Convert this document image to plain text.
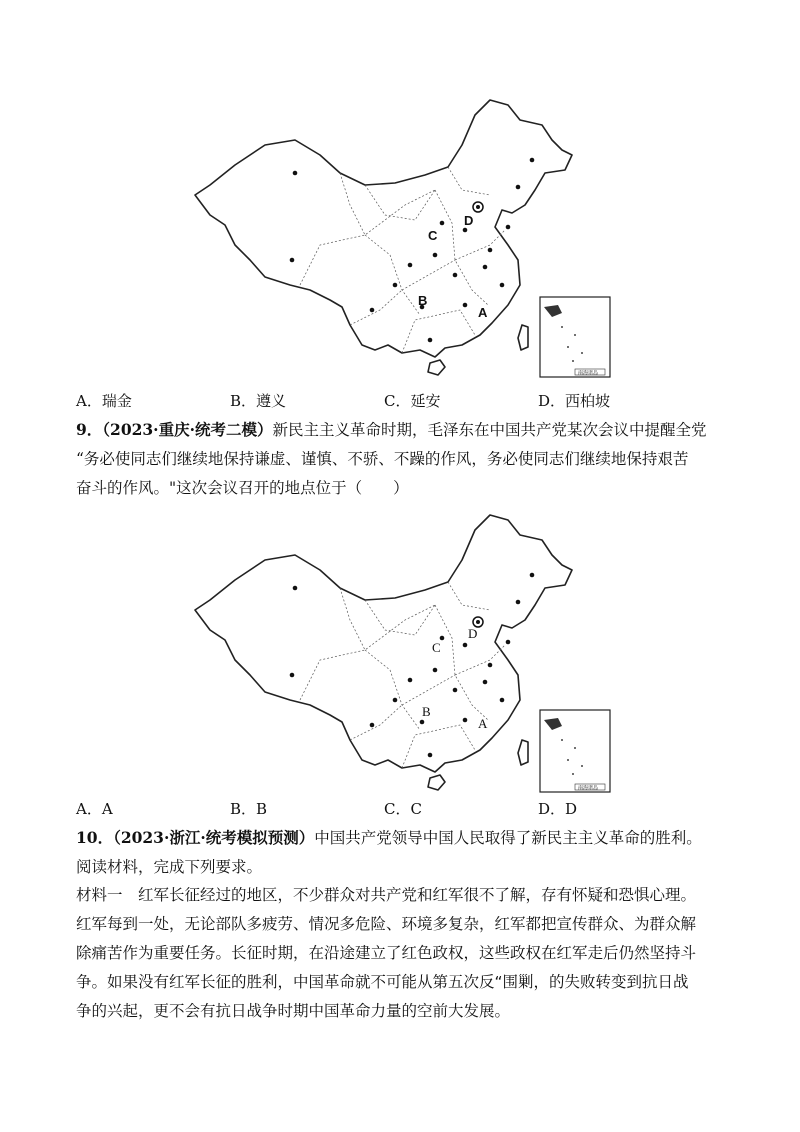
A
B
C
D
南海诸岛
A．瑞金	B．遵义	C．延安	D．西柏坡
9．（2023·重庆·统考二模）新民主主义革命时期，毛泽东在中国共产党某次会议中提醒全党
“务必使同志们继续地保持谦虚、谨慎、不骄、不躁的作风，务必使同志们继续地保持艰苦
奋斗的作风。"这次会议召开的地点位于（　　）
A
B
C
D
南海诸岛
A．A	B．B	C．C	D．D
10．（2023·浙江·统考模拟预测）中国共产党领导中国人民取得了新民主主义革命的胜利。
阅读材料，完成下列要求。
材料一　红军长征经过的地区，不少群众对共产党和红军很不了解，存有怀疑和恐惧心理。
红军每到一处，无论部队多疲劳、情况多危险、环境多复杂，红军都把宣传群众、为群众解
除痛苦作为重要任务。长征时期，在沿途建立了红色政权，这些政权在红军走后仍然坚持斗
争。如果没有红军长征的胜利，中国革命就不可能从第五次反“围剿，的失败转变到抗日战
争的兴起，更不会有抗日战争时期中国革命力量的空前大发展。
